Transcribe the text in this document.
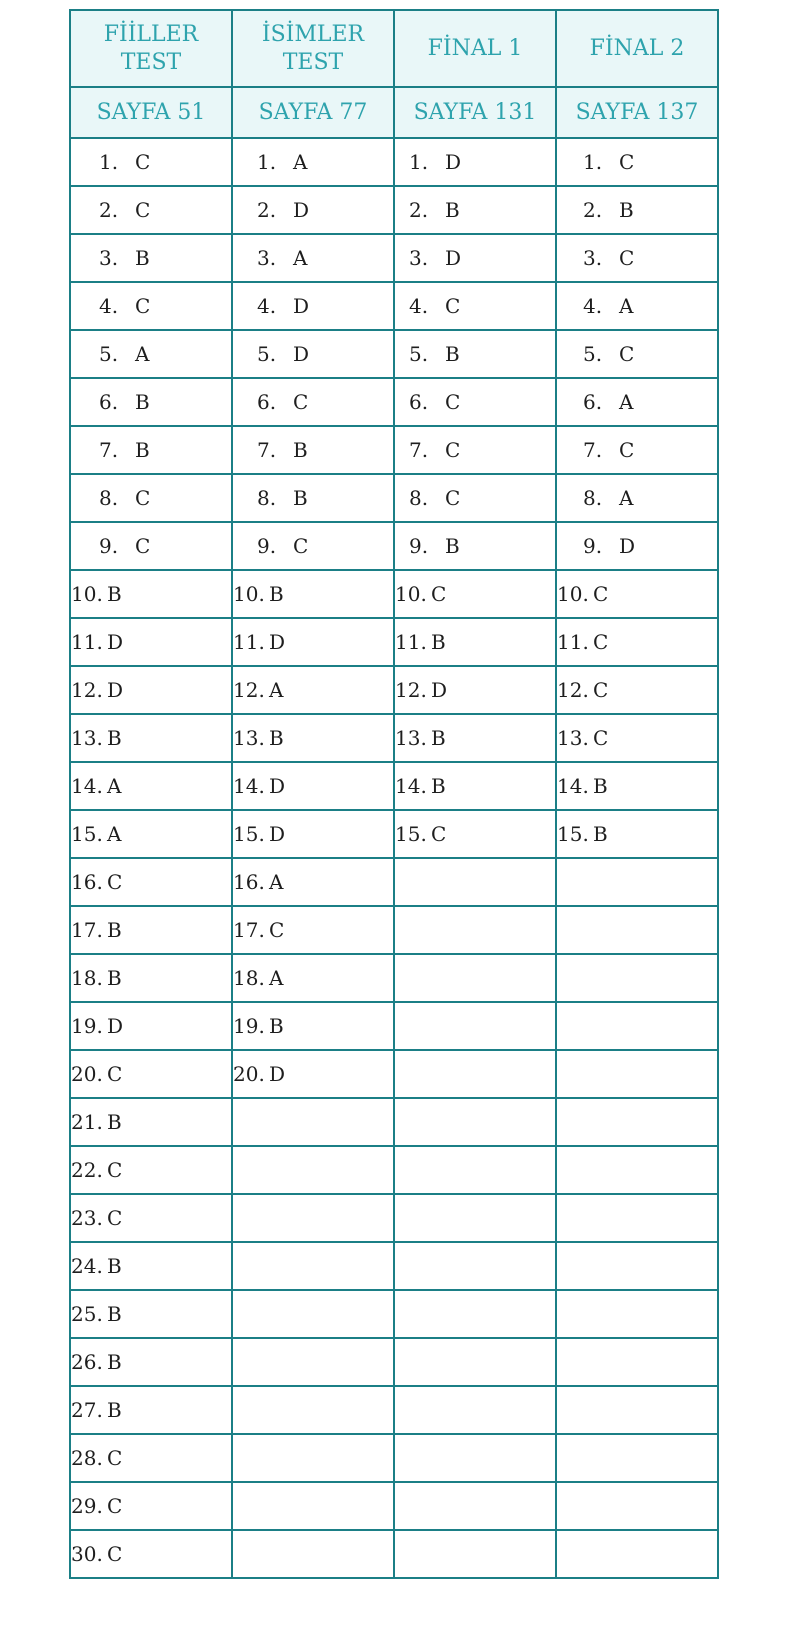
FİİLLER TEST	İSİMLER TEST	FİNAL 1	FİNAL 2
SAYFA 51	SAYFA 77	SAYFA 131	SAYFA 137
1. C	1. A	1. D	1. C
2. C	2. D	2. B	2. B
3. B	3. A	3. D	3. C
4. C	4. D	4. C	4. A
5. A	5. D	5. B	5. C
6. B	6. C	6. C	6. A
7. B	7. B	7. C	7. C
8. C	8. B	8. C	8. A
9. C	9. C	9. B	9. D
10. B	10. B	10. C	10. C
11. D	11. D	11. B	11. C
12. D	12. A	12. D	12. C
13. B	13. B	13. B	13. C
14. A	14. D	14. B	14. B
15. A	15. D	15. C	15. B
16. C	16. A		
17. B	17. C		
18. B	18. A		
19. D	19. B		
20. C	20. D		
21. B			
22. C			
23. C			
24. B			
25. B			
26. B			
27. B			
28. C			
29. C			
30. C			
